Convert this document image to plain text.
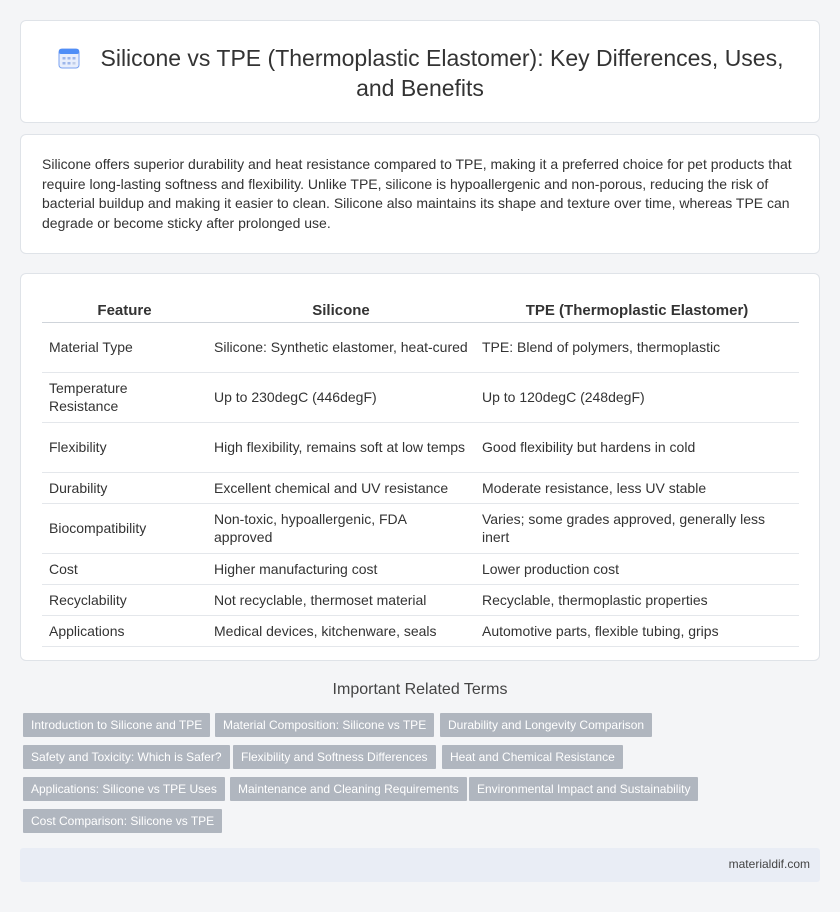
Silicone vs TPE (Thermoplastic Elastomer): Key Differences, Uses, and Benefits

Silicone offers superior durability and heat resistance compared to TPE, making it a preferred choice for pet products that require long-lasting softness and flexibility. Unlike TPE, silicone is hypoallergenic and non-porous, reducing the risk of bacterial buildup and making it easier to clean. Silicone also maintains its shape and texture over time, whereas TPE can degrade or become sticky after prolonged use.

Feature	Silicone	TPE (Thermoplastic Elastomer)
Material Type	Silicone: Synthetic elastomer, heat-cured	TPE: Blend of polymers, thermoplastic
Temperature Resistance	Up to 230degC (446degF)	Up to 120degC (248degF)
Flexibility	High flexibility, remains soft at low temps	Good flexibility but hardens in cold
Durability	Excellent chemical and UV resistance	Moderate resistance, less UV stable
Biocompatibility	Non-toxic, hypoallergenic, FDA approved	Varies; some grades approved, generally less inert
Cost	Higher manufacturing cost	Lower production cost
Recyclability	Not recyclable, thermoset material	Recyclable, thermoplastic properties
Applications	Medical devices, kitchenware, seals	Automotive parts, flexible tubing, grips
Important Related Terms
Introduction to Silicone and TPE	Material Composition: Silicone vs TPE	Durability and Longevity Comparison
Safety and Toxicity: Which is Safer?	Flexibility and Softness Differences	Heat and Chemical Resistance
Applications: Silicone vs TPE Uses	Maintenance and Cleaning Requirements	Environmental Impact and Sustainability
Cost Comparison: Silicone vs TPE
materialdif.com
